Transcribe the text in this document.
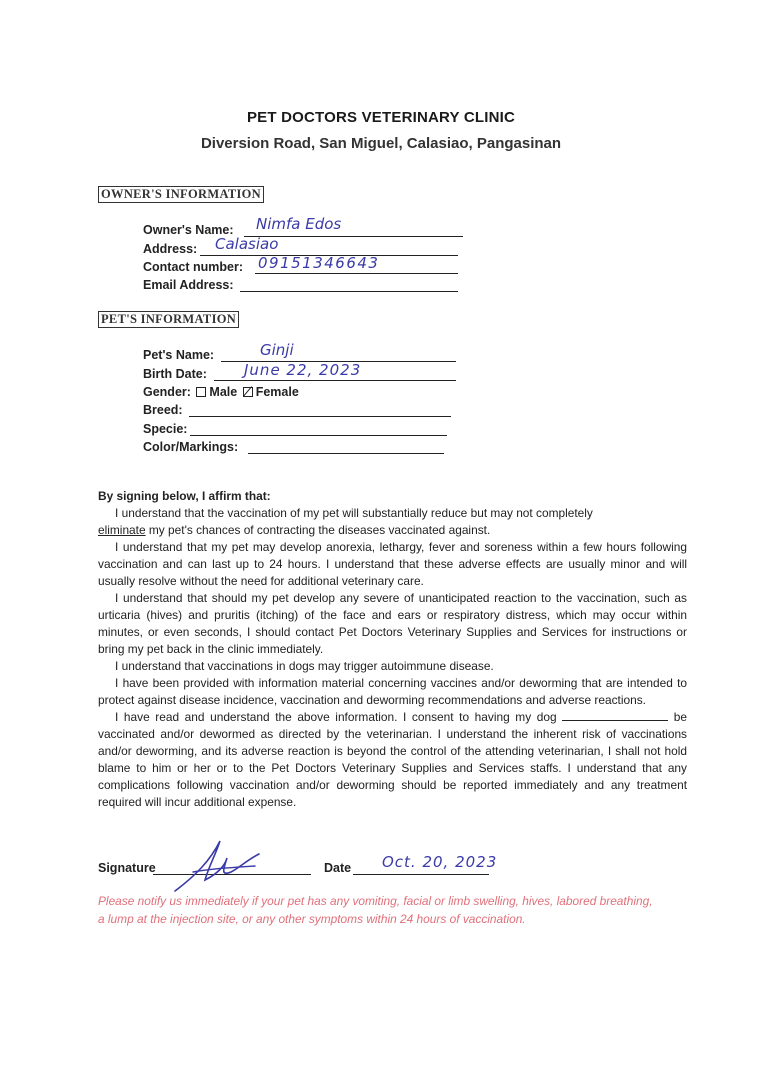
PET DOCTORS VETERINARY CLINIC
Diversion Road, San Miguel, Calasiao, Pangasinan
OWNER'S INFORMATION
Owner's Name: Nimfa Edos
Address: Calasiao
Contact number: 09151346643
Email Address:
PET'S INFORMATION
Pet's Name:	Ginji
Birth Date: June 22, 2023
Gender: Male Female
Breed:
Specie:
Color/Markings:

By signing below, I affirm that:

I understand that the vaccination of my pet will substantially reduce but may not completely
eliminate my pet's chances of contracting the diseases vaccinated against.

I understand that my pet may develop anorexia, lethargy, fever and soreness within a few hours following vaccination and can last up to 24 hours. I understand that these adverse effects are usually minor and will usually resolve without the need for additional veterinary care.

I understand that should my pet develop any severe of unanticipated reaction to the vaccination, such as urticaria (hives) and pruritis (itching) of the face and ears or respiratory distress, which may occur within minutes, or even seconds, I should contact Pet Doctors Veterinary Supplies and Services for instructions or bring my pet back in the clinic immediately.

I understand that vaccinations in dogs may trigger autoimmune disease.

I have been provided with information material concerning vaccines and/or deworming that are intended to protect against disease incidence, vaccination and deworming recommendations and adverse reactions.

I have read and understand the above information. I consent to having my dog	be vaccinated and/or dewormed as directed by the veterinarian. I understand the inherent risk of vaccinations and/or deworming, and its adverse reaction is beyond the control of the attending veterinarian, I shall not hold blame to him or her or to the Pet Doctors Veterinary Supplies and Services staffs. I understand that any complications following vaccination and/or deworming should be reported immediately and any treatment required will incur additional expense.

Signature	Date Oct. 20, 2023
Please notify us immediately if your pet has any vomiting, facial or limb swelling, hives, labored breathing, a lump at the injection site, or any other symptoms within 24 hours of vaccination.
